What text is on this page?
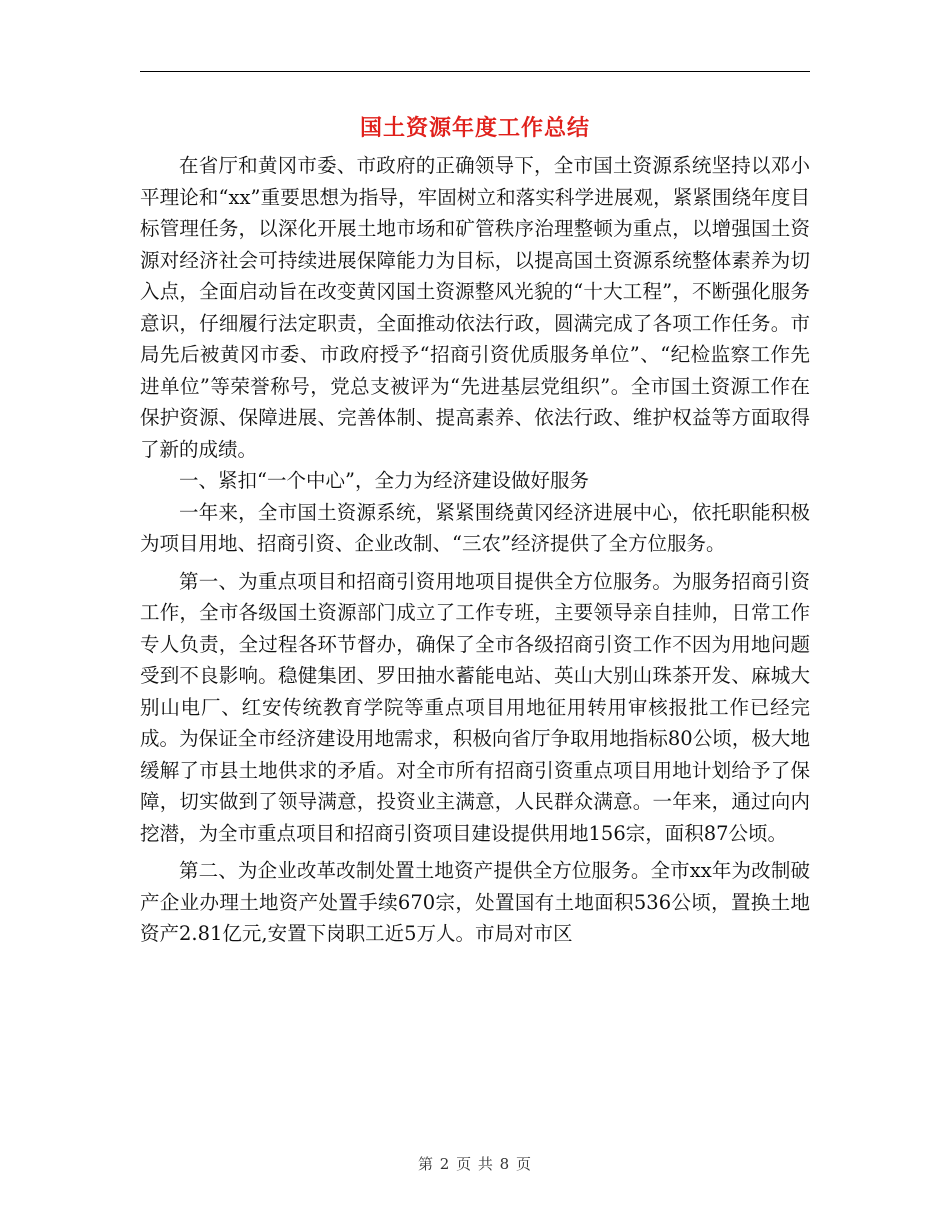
国土资源年度工作总结

在省厅和黄冈市委、市政府的正确领导下，全市国土资源系统坚持以邓小平理论和“xx”重要思想为指导，牢固树立和落实科学进展观，紧紧围绕年度目标管理任务，以深化开展土地市场和矿管秩序治理整顿为重点，以增强国土资源对经济社会可持续进展保障能力为目标，以提高国土资源系统整体素养为切入点，全面启动旨在改变黄冈国土资源整风光貌的“十大工程”，不断强化服务意识，仔细履行法定职责，全面推动依法行政，圆满完成了各项工作任务。市局先后被黄冈市委、市政府授予“招商引资优质服务单位”、“纪检监察工作先进单位”等荣誉称号，党总支被评为“先进基层党组织”。全市国土资源工作在保护资源、保障进展、完善体制、提高素养、依法行政、维护权益等方面取得了新的成绩。

一、紧扣“一个中心”，全力为经济建设做好服务

一年来，全市国土资源系统，紧紧围绕黄冈经济进展中心，依托职能积极为项目用地、招商引资、企业改制、“三农”经济提供了全方位服务。

第一、为重点项目和招商引资用地项目提供全方位服务。为服务招商引资工作，全市各级国土资源部门成立了工作专班，主要领导亲自挂帅，日常工作专人负责，全过程各环节督办，确保了全市各级招商引资工作不因为用地问题受到不良影响。稳健集团、罗田抽水蓄能电站、英山大别山珠茶开发、麻城大别山电厂、红安传统教育学院等重点项目用地征用转用审核报批工作已经完成。为保证全市经济建设用地需求，积极向省厅争取用地指标80公顷，极大地缓解了市县土地供求的矛盾。对全市所有招商引资重点项目用地计划给予了保障，切实做到了领导满意，投资业主满意，人民群众满意。一年来，通过向内挖潜，为全市重点项目和招商引资项目建设提供用地156宗，面积87公顷。

第二、为企业改革改制处置土地资产提供全方位服务。全市xx年为改制破产企业办理土地资产处置手续670宗，处置国有土地面积536公顷，置换土地资产2.81亿元,安置下岗职工近5万人。市局对市区

第 2 页 共 8 页
